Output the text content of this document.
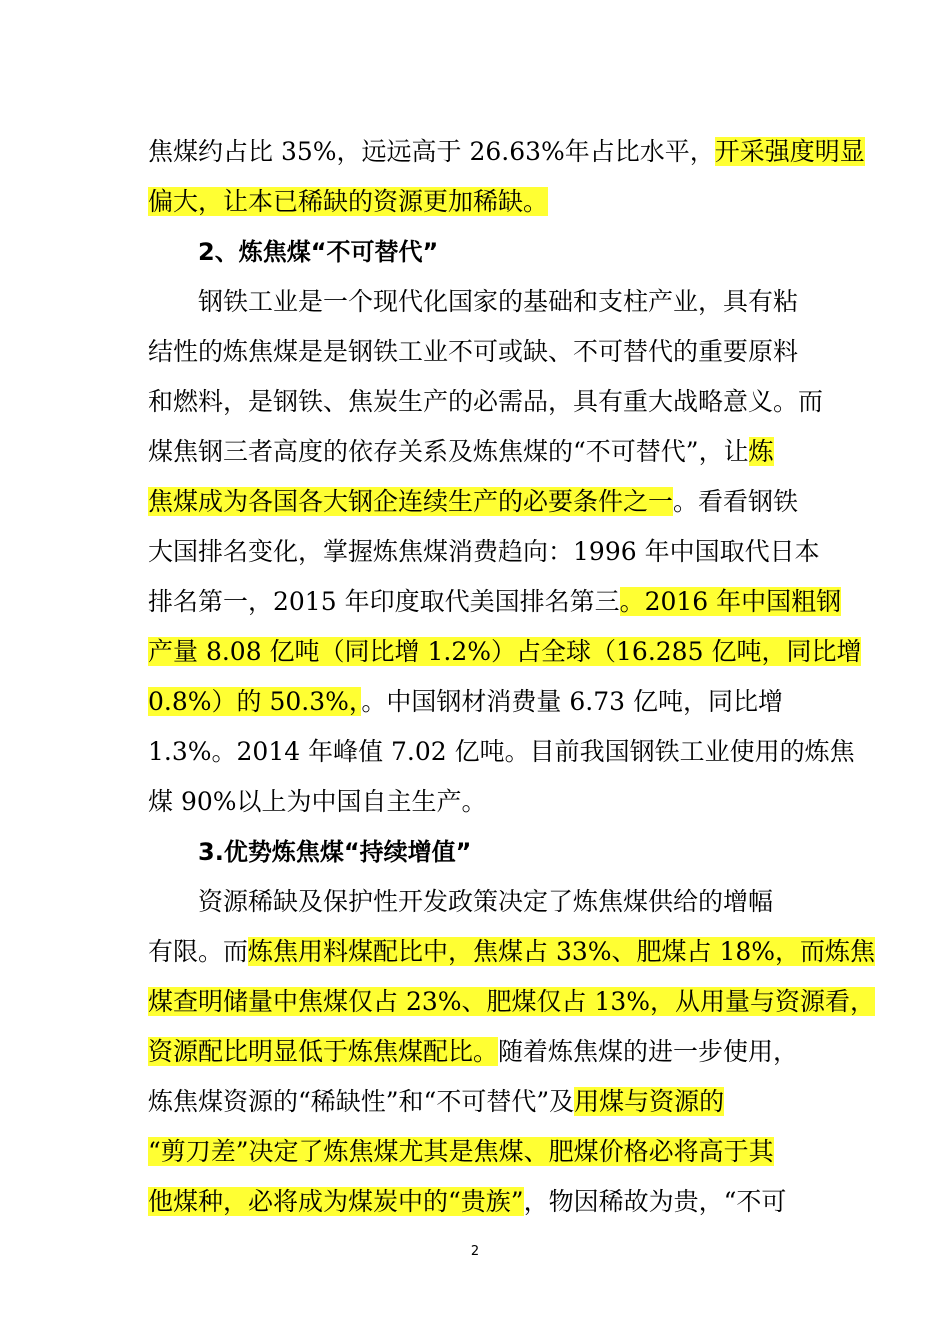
焦煤约占比 35%，远远高于 26.63%年占比水平，开采强度明显
偏大，让本已稀缺的资源更加稀缺。
2、炼焦煤“不可替代”
钢铁工业是一个现代化国家的基础和支柱产业，具有粘
结性的炼焦煤是是钢铁工业不可或缺、不可替代的重要原料
和燃料，是钢铁、焦炭生产的必需品，具有重大战略意义。而
煤焦钢三者高度的依存关系及炼焦煤的“不可替代”，让炼
焦煤成为各国各大钢企连续生产的必要条件之一。看看钢铁
大国排名变化，掌握炼焦煤消费趋向：1996 年中国取代日本
排名第一，2015 年印度取代美国排名第三。2016 年中国粗钢
产量 8.08 亿吨（同比增 1.2%）占全球（16.285 亿吨，同比增
0.8%）的 50.3%，。中国钢材消费量 6.73 亿吨，同比增
1.3%。2014 年峰值 7.02 亿吨。目前我国钢铁工业使用的炼焦
煤 90%以上为中国自主生产。
3.优势炼焦煤“持续增值”
资源稀缺及保护性开发政策决定了炼焦煤供给的增幅
有限。而炼焦用料煤配比中，焦煤占 33%、肥煤占 18%，而炼焦
煤查明储量中焦煤仅占 23%、肥煤仅占 13%，从用量与资源看，
资源配比明显低于炼焦煤配比。随着炼焦煤的进一步使用，
炼焦煤资源的“稀缺性”和“不可替代”及用煤与资源的
“剪刀差”决定了炼焦煤尤其是焦煤、肥煤价格必将高于其
他煤种，必将成为煤炭中的“贵族”，物因稀故为贵，“不可
2
